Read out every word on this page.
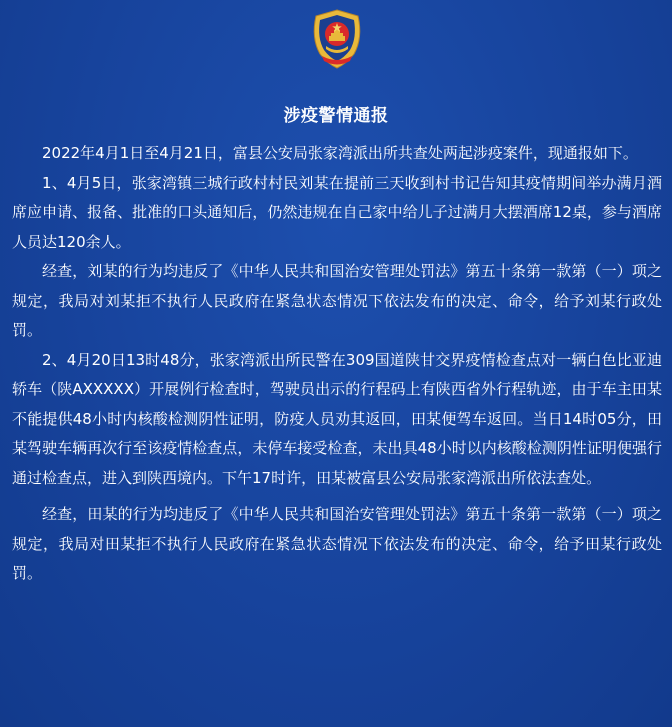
涉疫警情通报

2022年4月1日至4月21日，富县公安局张家湾派出所共查处两起涉疫案件，现通报如下。

1、4月5日，张家湾镇三城行政村村民刘某在提前三天收到村书记告知其疫情期间举办满月酒席应申请、报备、批准的口头通知后，仍然违规在自己家中给儿子过满月大摆酒席12桌，参与酒席人员达120余人。

经查，刘某的行为均违反了《中华人民共和国治安管理处罚法》第五十条第一款第（一）项之规定，我局对刘某拒不执行人民政府在紧急状态情况下依法发布的决定、命令，给予刘某行政处罚。

2、4月20日13时48分，张家湾派出所民警在309国道陕甘交界疫情检查点对一辆白色比亚迪轿车（陕AXXXXX）开展例行检查时，驾驶员出示的行程码上有陕西省外行程轨迹，由于车主田某不能提供48小时内核酸检测阴性证明，防疫人员劝其返回，田某便驾车返回。当日14时05分，田某驾驶车辆再次行至该疫情检查点，未停车接受检查，未出具48小时以内核酸检测阴性证明便强行通过检查点，进入到陕西境内。下午17时许，田某被富县公安局张家湾派出所依法查处。

经查，田某的行为均违反了《中华人民共和国治安管理处罚法》第五十条第一款第（一）项之规定，我局对田某拒不执行人民政府在紧急状态情况下依法发布的决定、命令，给予田某行政处罚。
